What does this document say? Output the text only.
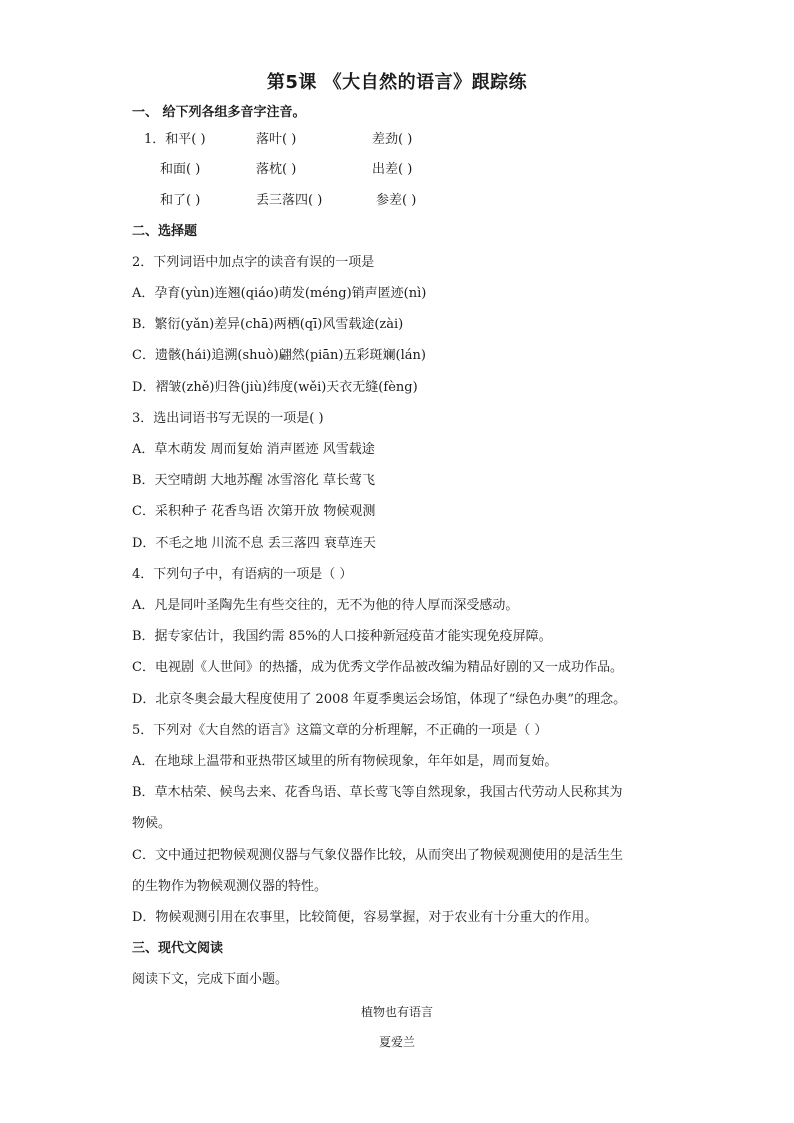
第5课 《大自然的语言》跟踪练
一、 给下列各组多音字注音。
1．和平( )	落叶( )	差劲( )
和面( )	落枕( )	出差( )
和了( )	丢三落四( )	参差( )
二、选择题
2．下列词语中加点字的读音有误的一项是
A．孕育(yùn)连翘(qiáo)萌发(méng)销声匿迹(nì)
B．繁衍(yǎn)差异(chā)两栖(qī)风雪载途(zài)
C．遗骸(hái)追溯(shuò)翩然(piān)五彩斑斓(lán)
D．褶皱(zhě)归咎(jiù)纬度(wěi)天衣无缝(fèng)
3．选出词语书写无误的一项是( )
A．草木萌发 周而复始 消声匿迹 风雪载途
B．天空晴朗 大地苏醒 冰雪溶化 草长莺飞
C．采积种子 花香鸟语 次第开放 物候观测
D．不毛之地 川流不息 丢三落四 衰草连天
4．下列句子中，有语病的一项是（ ）
A．凡是同叶圣陶先生有些交往的，无不为他的待人厚而深受感动。
B．据专家估计，我国约需 85%的人口接种新冠疫苗才能实现免疫屏障。
C．电视剧《人世间》的热播，成为优秀文学作品被改编为精品好剧的又一成功作品。
D．北京冬奥会最大程度使用了 2008 年夏季奥运会场馆，体现了“绿色办奥”的理念。
5．下列对《大自然的语言》这篇文章的分析理解，不正确的一项是（ ）
A．在地球上温带和亚热带区域里的所有物候现象，年年如是，周而复始。
B．草木枯荣、候鸟去来、花香鸟语、草长莺飞等自然现象，我国古代劳动人民称其为
物候。
C．文中通过把物候观测仪器与气象仪器作比较，从而突出了物候观测使用的是活生生
的生物作为物候观测仪器的特性。
D．物候观测引用在农事里，比较简便，容易掌握，对于农业有十分重大的作用。
三、现代文阅读
阅读下文，完成下面小题。
植物也有语言
夏爱兰
